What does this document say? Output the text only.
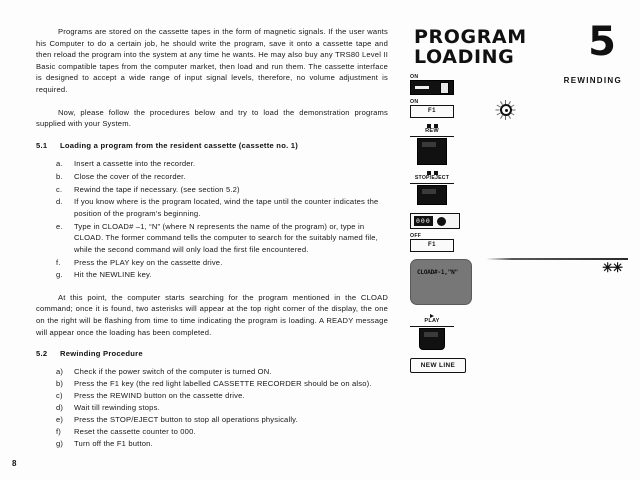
Programs are stored on the cassette tapes in the form of magnetic signals. If the user wants his Computer to do a certain job, he should write the program, save it onto a cassette tape and then reload the program into the system at any time he wants. He may also buy any TRS80 Level II Basic compatible tapes from the computer market, then load and run them. The cassette interface is designed to accept a wide range of input signal levels, therefore, no volume adjustment is required.

Now, please follow the procedures below and try to load the demonstration programs supplied with your System.

5.1	Loading a program from the resident cassette (cassette no. 1)
a.	Insert a cassette into the recorder.
b.	Close the cover of the recorder.
c.	Rewind the tape if necessary. (see section 5.2)
d.	If you know where is the program located, wind the tape until the counter indicates the position of the program's beginning.
e.	Type in CLOAD# –1, “N” (where N represents the name of the program) or, type in CLOAD. The former command tells the computer to search for the suitably named file, while the second command will only load the first file encountered.
f.	Press the PLAY key on the cassette drive.
g.	Hit the NEWLINE key.

At this point, the computer starts searching for the program mentioned in the CLOAD command; once it is found, two asterisks will appear at the top right corner of the display, the one on the right will be flashing from time to time indicating the program is loading. A READY message will appear once the loading has been completed.

5.2	Rewinding Procedure
a)	Check if the power switch of the computer is turned ON.
b)	Press the F1 key (the red light labelled CASSETTE RECORDER should be on also).
c)	Press the REWIND button on the cassette drive.
d)	Wait till rewinding stops.
e)	Press the STOP/EJECT button to stop all operations physically.
f)	Reset the cassette counter to 000.
g)	Turn off the F1 button.
8
PROGRAM
LOADING	5
REWINDING
✳✳
ON
ON
F1
REW
STOP/EJECT
000
OFF
F1
CLOAD#-1,"N"
PLAY
NEW LINE
